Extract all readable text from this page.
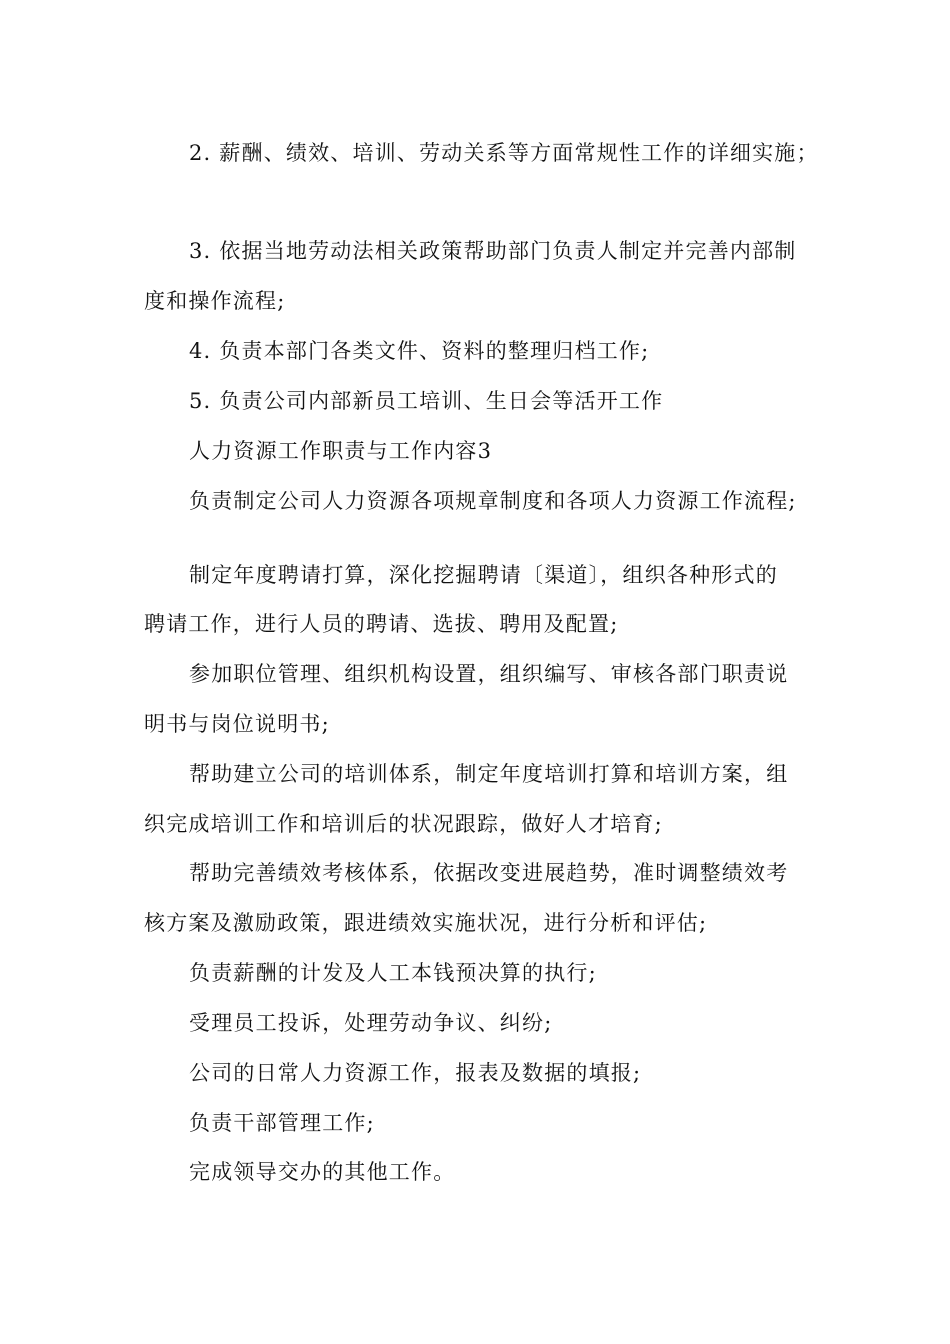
2. 薪酬、绩效、培训、劳动关系等方面常规性工作的详细实施；
3. 依据当地劳动法相关政策帮助部门负责人制定并完善内部制
度和操作流程;
4. 负责本部门各类文件、资料的整理归档工作;
5. 负责公司内部新员工培训、生日会等活开工作
人力资源工作职责与工作内容3
负责制定公司人力资源各项规章制度和各项人力资源工作流程;
制定年度聘请打算，深化挖掘聘请〔渠道〕，组织各种形式的
聘请工作，进行人员的聘请、选拔、聘用及配置;
参加职位管理、组织机构设置，组织编写、审核各部门职责说
明书与岗位说明书;
帮助建立公司的培训体系，制定年度培训打算和培训方案，组
织完成培训工作和培训后的状况跟踪，做好人才培育;
帮助完善绩效考核体系，依据改变进展趋势，准时调整绩效考
核方案及激励政策，跟进绩效实施状况，进行分析和评估;
负责薪酬的计发及人工本钱预决算的执行;
受理员工投诉，处理劳动争议、纠纷;
公司的日常人力资源工作，报表及数据的填报;
负责干部管理工作;
完成领导交办的其他工作。
